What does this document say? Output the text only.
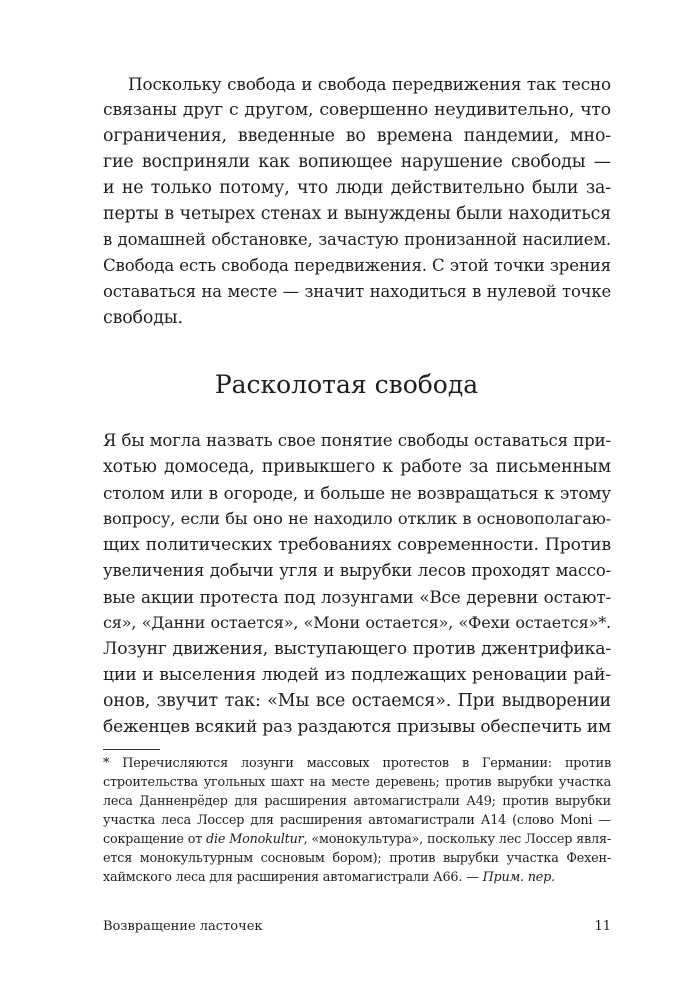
Поскольку свобода и свобода передвижения так тесно
связаны друг с другом, совершенно неудивительно, что
ограничения, введенные во времена пандемии, мно-
гие восприняли как вопиющее нарушение свободы —
и не только потому, что люди действительно были за-
перты в четырех стенах и вынуждены были находиться
в домашней обстановке, зачастую пронизанной насилием.
Свобода есть свобода передвижения. С этой точки зрения
оставаться на месте — значит находиться в нулевой точке
свободы.
Расколотая свобода
Я бы могла назвать свое понятие свободы оставаться при-
хотью домоседа, привыкшего к работе за письменным
столом или в огороде, и больше не возвращаться к этому
вопросу, если бы оно не находило отклик в основополагаю-
щих политических требованиях современности. Против
увеличения добычи угля и вырубки лесов проходят массо-
вые акции протеста под лозунгами «Все деревни остают-
ся», «Данни остается», «Мони остается», «Фехи остается»*.
Лозунг движения, выступающего против джентрифика-
ции и выселения людей из подлежащих реновации рай-
онов, звучит так: «Мы все остаемся». При выдворении
беженцев всякий раз раздаются призывы обеспечить им
* Перечисляются лозунги массовых протестов в Германии: против
строительства угольных шахт на месте деревень; против вырубки участка
леса Данненрёдер для расширения автомагистрали А49; против вырубки
участка леса Лоссер для расширения автомагистрали А14 (слово Moni —
сокращение от die Monokultur, «монокультура», поскольку лес Лоссер явля-
ется монокультурным сосновым бором); против вырубки участка Фехен-
хаймского леса для расширения автомагистрали А66. — Прим. пер.
Возвращение ласточек	11
